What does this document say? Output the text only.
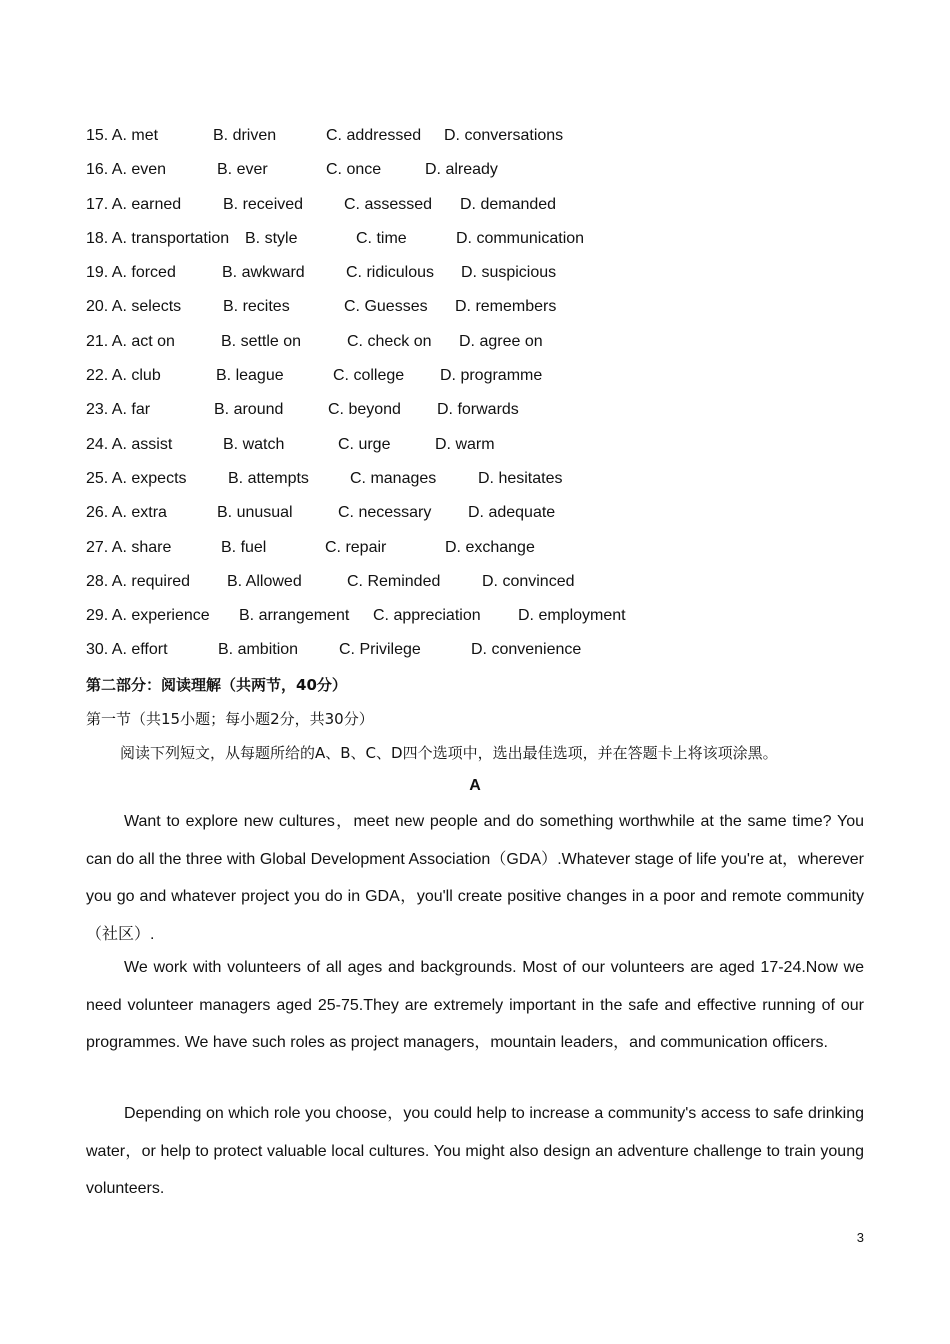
15. A. met	B. driven	C. addressed D. conversations
16. A. even	B. ever	C. once	D. already
17. A. earned	B. received	C. assessed D. demanded
18. A. transportation B. style	C. time	D. communication
19. A. forced	B. awkward	C. ridiculous D. suspicious
20. A. selects	B. recites	C. Guesses D. remembers
21. A. act on	B. settle on	C. check on D. agree on
22. A. club	B. league	C. college D. programme
23. A. far	B. around	C. beyond D. forwards
24. A. assist	B. watch	C. urge	D. warm
25. A. expects	B. attempts	C. manages	D. hesitates
26. A. extra	B. unusual	C. necessary D. adequate
27. A. share	B. fuel	C. repair	D. exchange
28. A. required B. Allowed	C. Reminded	D. convinced
29. A. experience B. arrangement C. appreciation D. employment
30. A. effort	B. ambition	C. Privilege	D. convenience
第二部分：阅读理解（共两节，40分）
第一节（共15小题；每小题2分，共30分）
阅读下列短文，从每题所给的A、B、C、D四个选项中，选出最佳选项，并在答题卡上将该项涂黑。
A

Want to explore new cultures，meet new people and do something worthwhile at the same time? You can do all the three with Global Development Association（GDA）.Whatever stage of life you're at，wherever you go and whatever project you do in GDA，you'll create positive changes in a poor and remote community（社区）.

We work with volunteers of all ages and backgrounds. Most of our volunteers are aged 17-24.Now we need volunteer managers aged 25-75.They are extremely important in the safe and effective running of our programmes. We have such roles as project managers，mountain leaders，and communication officers.

Depending on which role you choose，you could help to increase a community's access to safe drinking water，or help to protect valuable local cultures. You might also design an adventure challenge to train young volunteers.

3
